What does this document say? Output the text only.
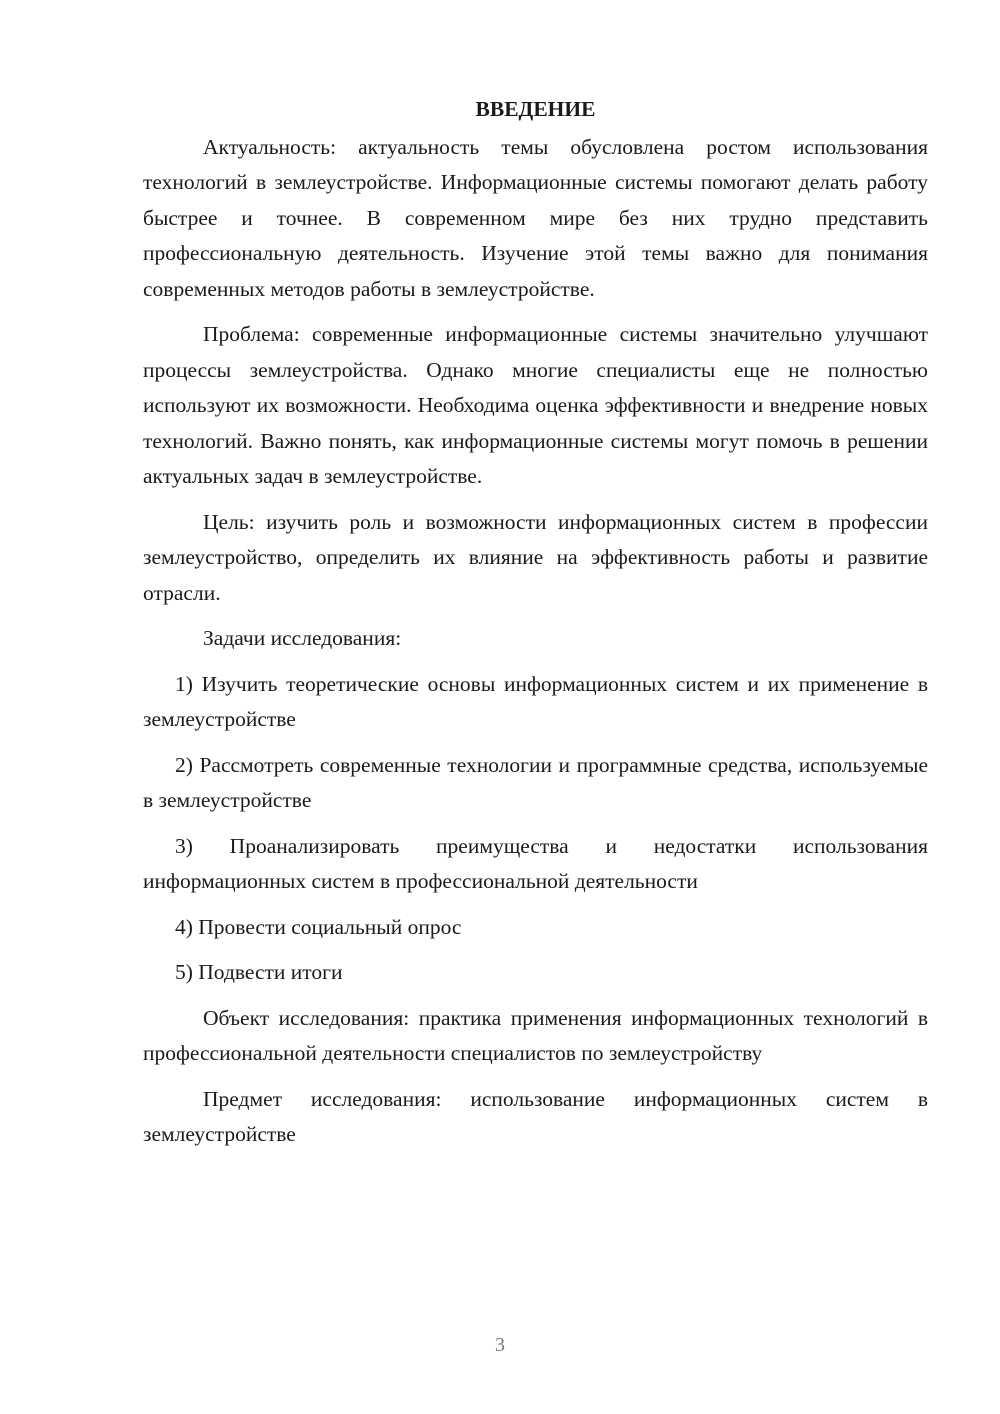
ВВЕДЕНИЕ

Актуальность: актуальность темы обусловлена ростом использования технологий в землеустройстве. Информационные системы помогают делать работу быстрее и точнее. В современном мире без них трудно представить профессиональную деятельность. Изучение этой темы важно для понимания современных методов работы в землеустройстве.

Проблема: современные информационные системы значительно улучшают процессы землеустройства. Однако многие специалисты еще не полностью используют их возможности. Необходима оценка эффективности и внедрение новых технологий. Важно понять, как информационные системы могут помочь в решении актуальных задач в землеустройстве.

Цель: изучить роль и возможности информационных систем в профессии землеустройство, определить их влияние на эффективность работы и развитие отрасли.

Задачи исследования:

1) Изучить теоретические основы информационных систем и их применение в землеустройстве

2) Рассмотреть современные технологии и программные средства, используемые в землеустройстве

3) Проанализировать преимущества и недостатки использования информационных систем в профессиональной деятельности

4) Провести социальный опрос

5) Подвести итоги

Объект исследования: практика применения информационных технологий в профессиональной деятельности специалистов по землеустройству

Предмет исследования: использование информационных систем в землеустройстве

3
